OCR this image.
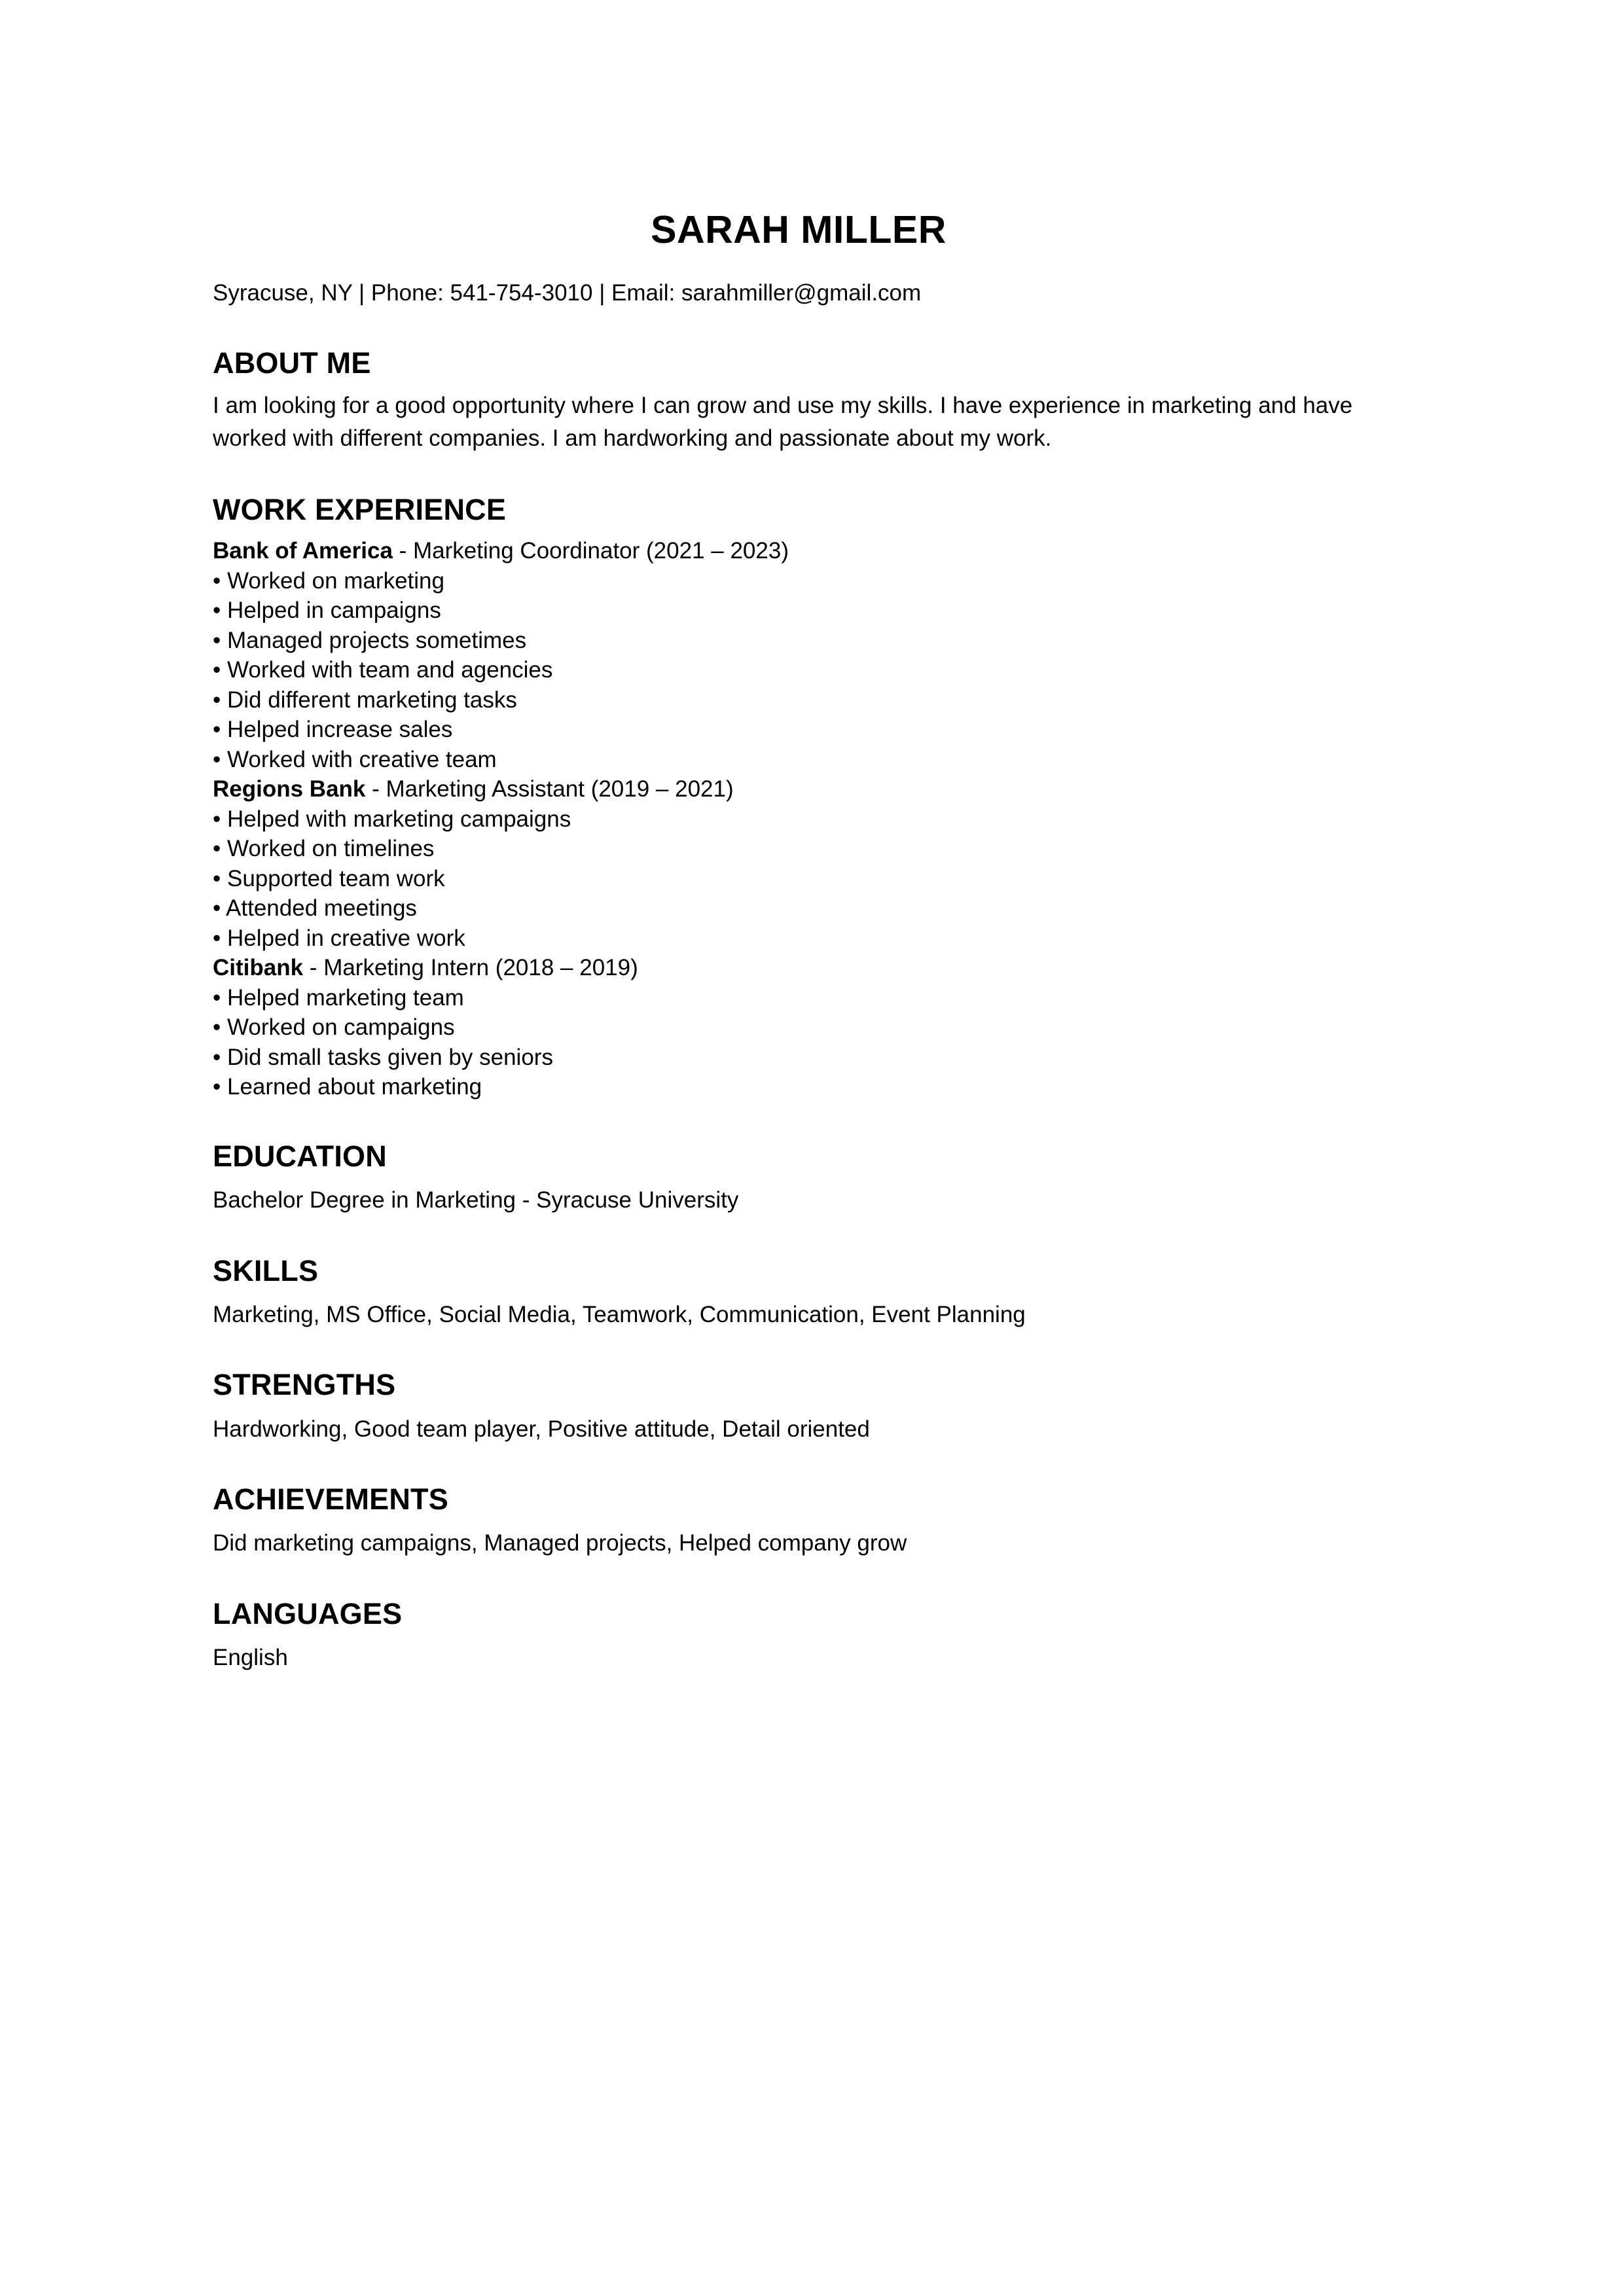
SARAH MILLER

Syracuse, NY | Phone: 541-754-3010 | Email: sarahmiller@gmail.com

ABOUT ME

I am looking for a good opportunity where I can grow and use my skills. I have experience in marketing and have worked with different companies. I am hardworking and passionate about my work.

WORK EXPERIENCE

Bank of America - Marketing Coordinator (2021 – 2023)

• Worked on marketing

• Helped in campaigns

• Managed projects sometimes

• Worked with team and agencies

• Did different marketing tasks

• Helped increase sales

• Worked with creative team

Regions Bank - Marketing Assistant (2019 – 2021)

• Helped with marketing campaigns

• Worked on timelines

• Supported team work

• Attended meetings

• Helped in creative work

Citibank - Marketing Intern (2018 – 2019)

• Helped marketing team

• Worked on campaigns

• Did small tasks given by seniors

• Learned about marketing

EDUCATION

Bachelor Degree in Marketing - Syracuse University

SKILLS

Marketing, MS Office, Social Media, Teamwork, Communication, Event Planning

STRENGTHS

Hardworking, Good team player, Positive attitude, Detail oriented

ACHIEVEMENTS

Did marketing campaigns, Managed projects, Helped company grow

LANGUAGES

English
